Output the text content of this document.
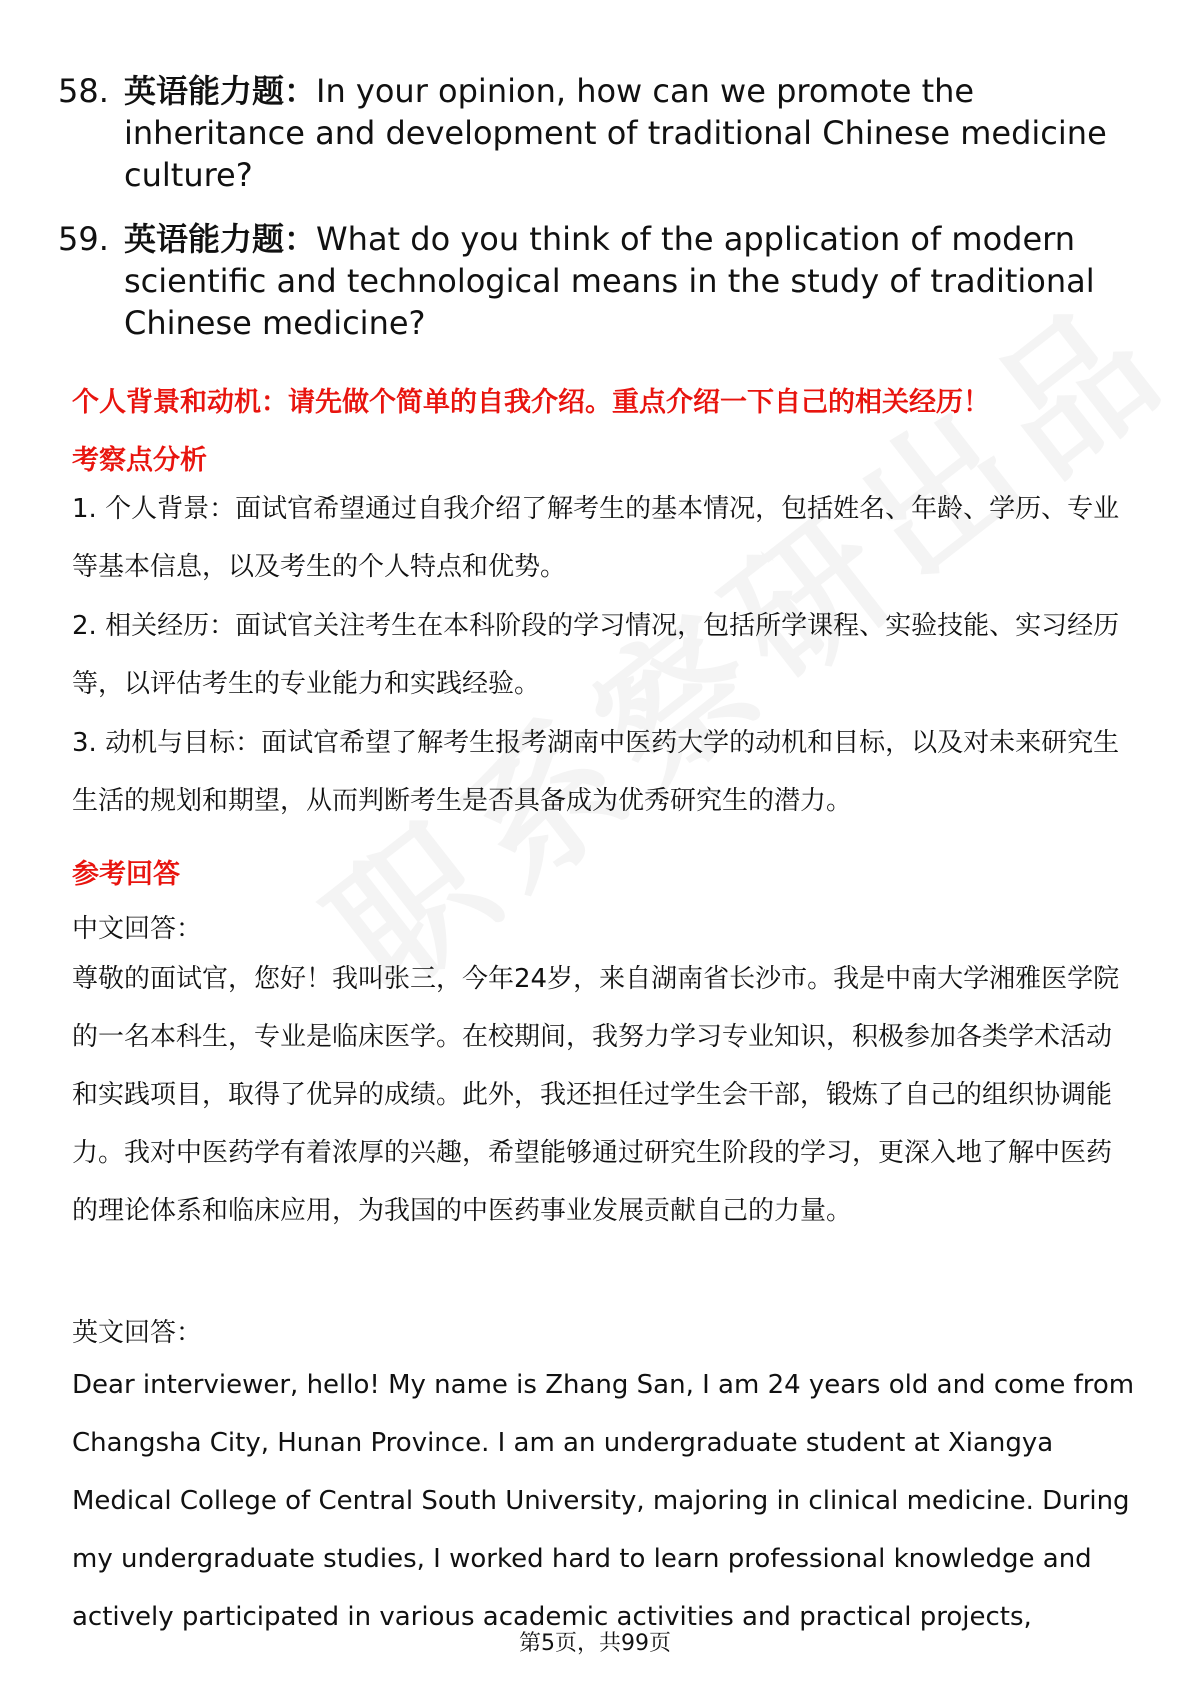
58. 英语能力题：In your opinion, how can we promote the inheritance and development of traditional Chinese medicine culture?
59. 英语能力题：What do you think of the application of modern scientific and technological means in the study of traditional Chinese medicine?
个人背景和动机：请先做个简单的自我介绍。重点介绍一下自己的相关经历！
考察点分析
1. 个人背景：面试官希望通过自我介绍了解考生的基本情况，包括姓名、年龄、学历、专业等基本信息，以及考生的个人特点和优势。
2. 相关经历：面试官关注考生在本科阶段的学习情况，包括所学课程、实验技能、实习经历等，以评估考生的专业能力和实践经验。
3. 动机与目标：面试官希望了解考生报考湖南中医药大学的动机和目标，以及对未来研究生生活的规划和期望，从而判断考生是否具备成为优秀研究生的潜力。
参考回答
中文回答：
尊敬的面试官，您好！我叫张三，今年24岁，来自湖南省长沙市。我是中南大学湘雅医学院的一名本科生，专业是临床医学。在校期间，我努力学习专业知识，积极参加各类学术活动和实践项目，取得了优异的成绩。此外，我还担任过学生会干部，锻炼了自己的组织协调能力。我对中医药学有着浓厚的兴趣，希望能够通过研究生阶段的学习，更深入地了解中医药的理论体系和临床应用，为我国的中医药事业发展贡献自己的力量。
英文回答：
Dear interviewer, hello! My name is Zhang San, I am 24 years old and come from
Changsha City, Hunan Province. I am an undergraduate student at Xiangya
Medical College of Central South University, majoring in clinical medicine. During
my undergraduate studies, I worked hard to learn professional knowledge and
actively participated in various academic activities and practical projects,
第5页，共99页
